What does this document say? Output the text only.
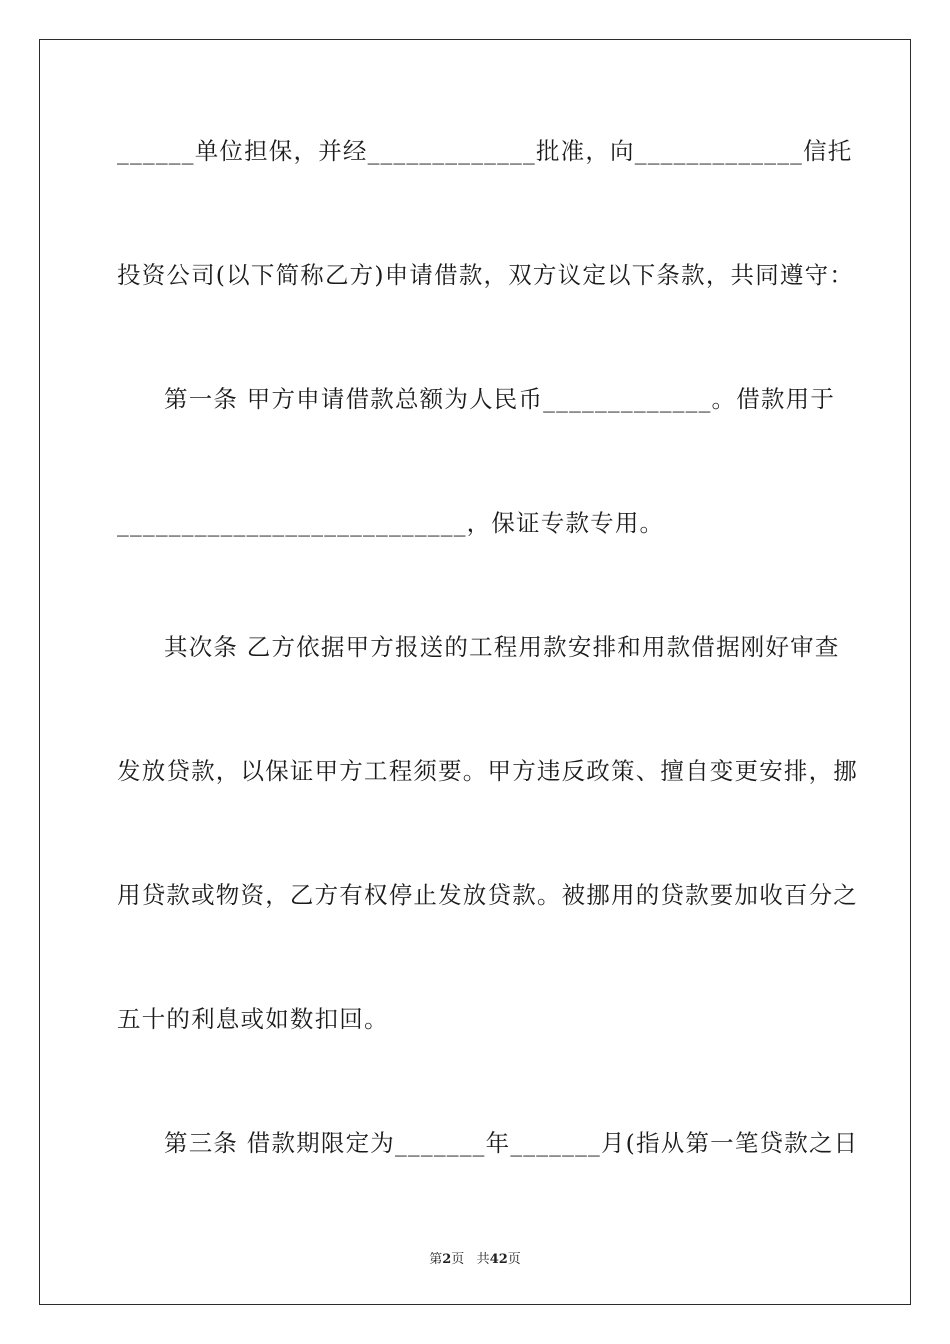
______单位担保，并经_____________批准，向_____________信托
投资公司(以下简称乙方)申请借款，双方议定以下条款，共同遵守：
第一条 甲方申请借款总额为人民币_____________。借款用于
___________________________，保证专款专用。
其次条 乙方依据甲方报送的工程用款安排和用款借据刚好审查
发放贷款，以保证甲方工程须要。甲方违反政策、擅自变更安排，挪
用贷款或物资，乙方有权停止发放贷款。被挪用的贷款要加收百分之
五十的利息或如数扣回。
第三条 借款期限定为_______年_______月(指从第一笔贷款之日
第2页 共42页
